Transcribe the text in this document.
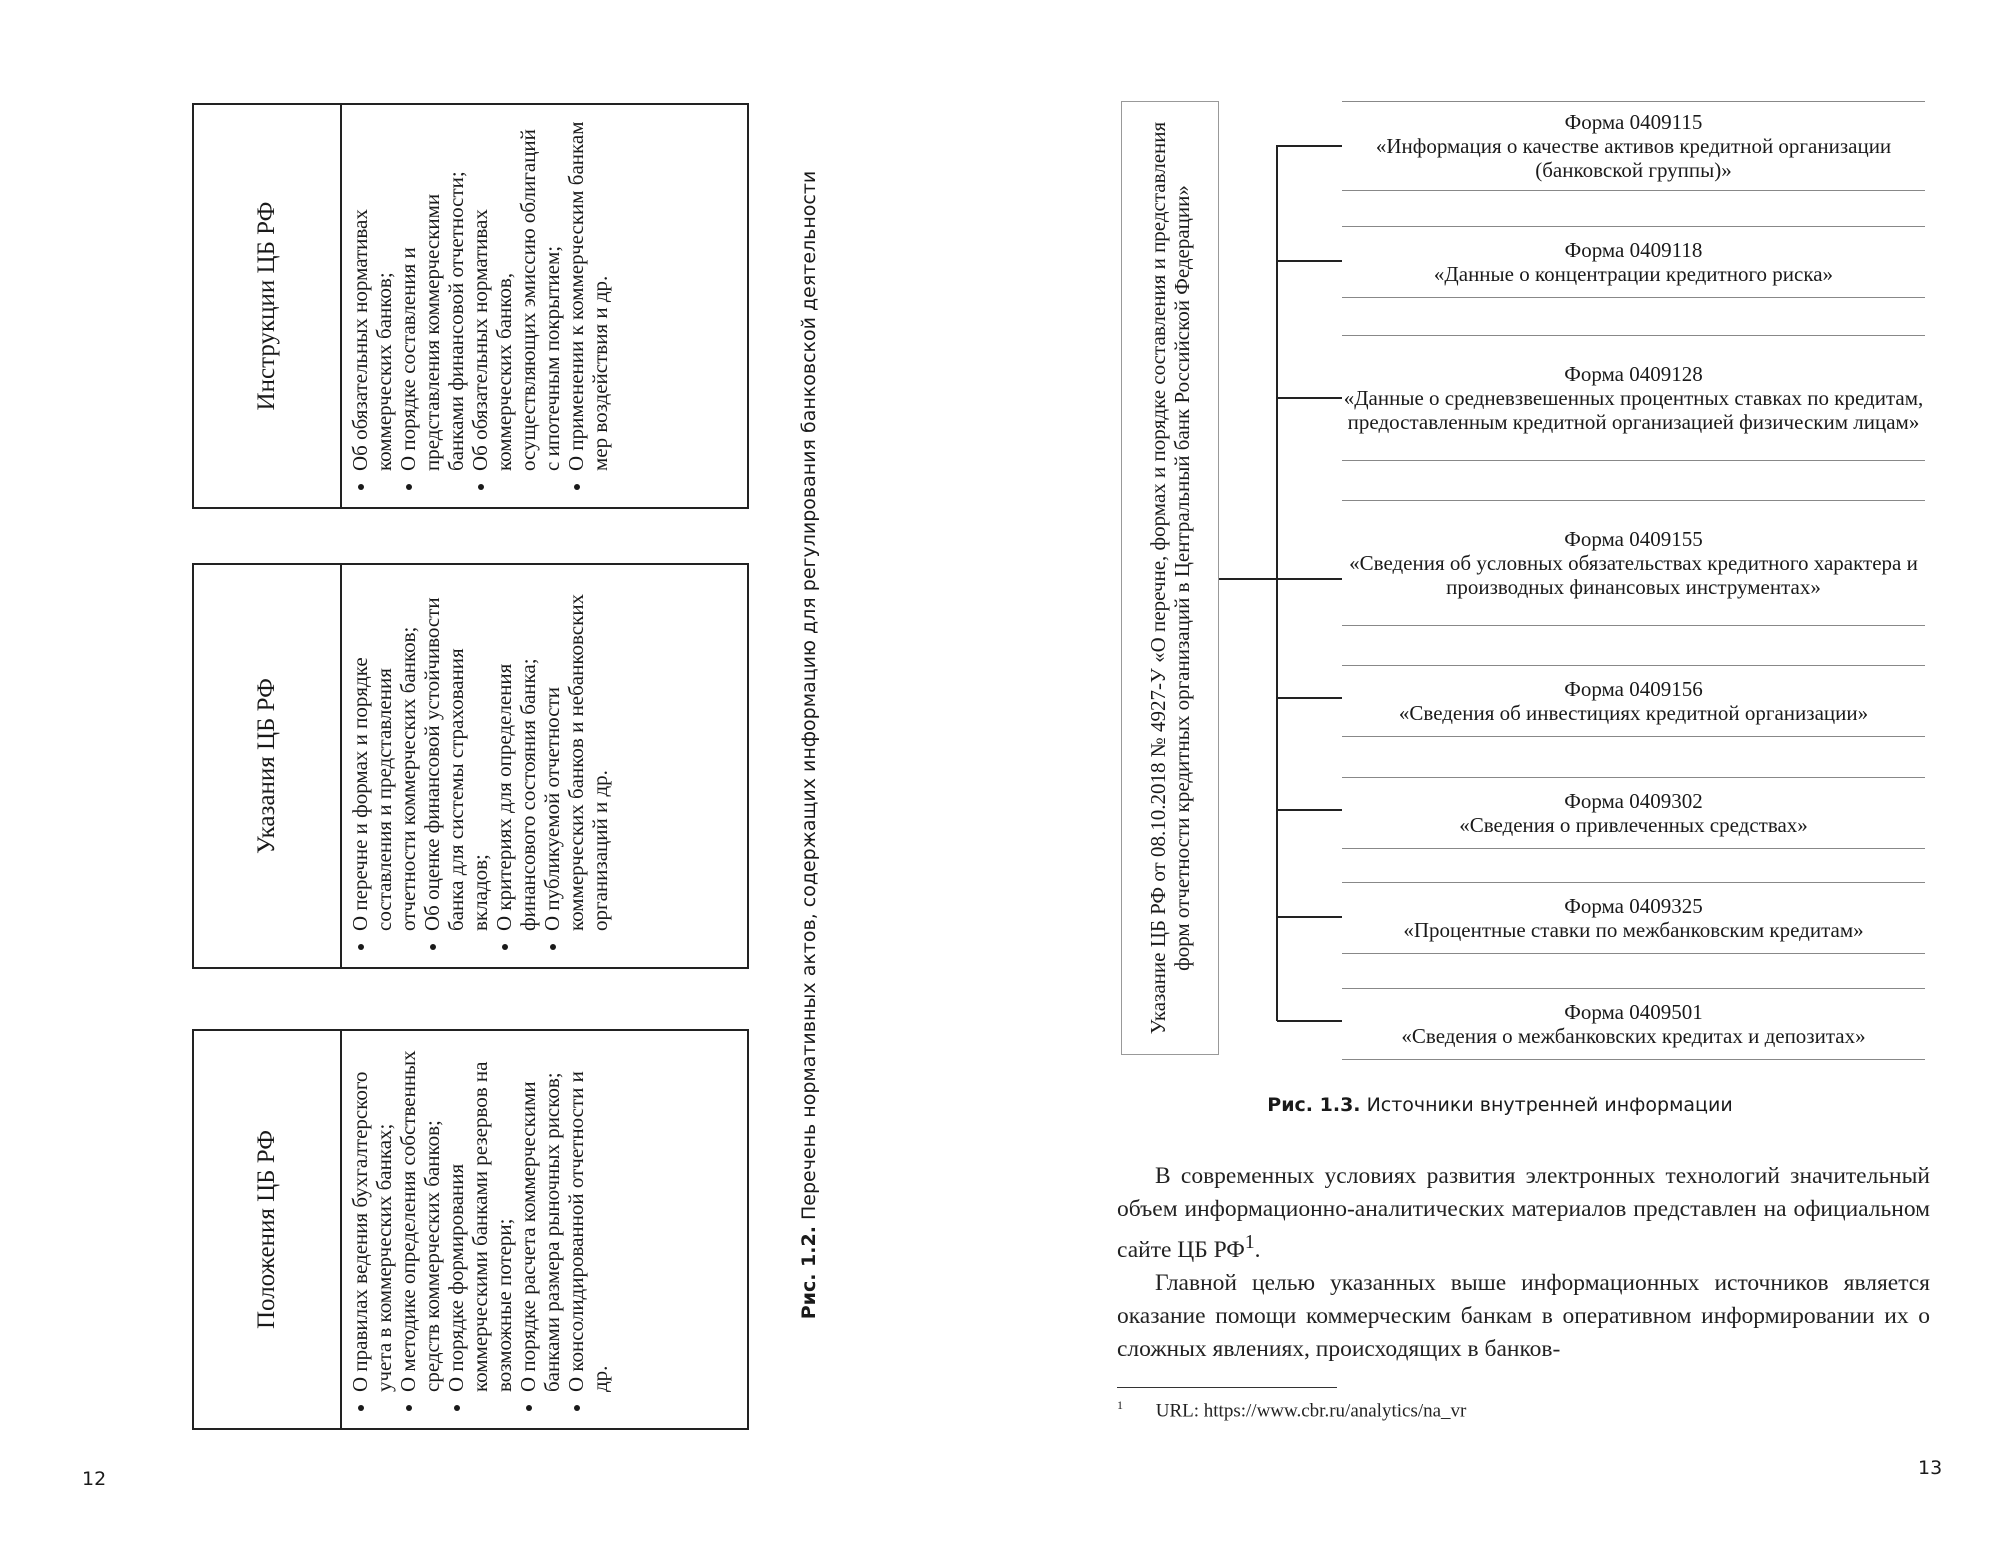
Положения ЦБ РФ	• О правилах ведения бухгалтерского учета в коммерческих банках; • О методике определения собственных средств коммерческих банков; • О порядке формирования коммерческими банками резервов на возможные потери; • О порядке расчета коммерческими банками размера рыночных рисков; • О консолидированной отчетности и др.
Указания ЦБ РФ	• О перечне и формах и порядке составления и представления отчетности коммерческих банков; • Об оценке финансовой устойчивости банка для системы страхования вкладов; • О критериях для определения финансового состояния банка; • О публикуемой отчетности коммерческих банков и небанковских организаций и др.
Инструкции ЦБ РФ	• Об обязательных нормативах коммерческих банков; • О порядке составления и представления коммерческими банками финансовой отчетности; • Об обязательных нормативах коммерческих банков, осуществляющих эмиссию облигаций с ипотечным покрытием; • О применении к коммерческим банкам мер воздействия и др.
Рис. 1.2. Перечень нормативных актов, содержащих информацию для регулирования банковской деятельности
12
Указание ЦБ РФ от 08.10.2018 № 4927-У «О перечне, формах и порядке составления и представления форм отчетности кредитных организаций в Центральный банк Российской Федерации»
Форма 0409115
«Информация о качестве активов кредитной организации (банковской группы)»
Форма 0409118
«Данные о концентрации кредитного риска»
Форма 0409128
«Данные о средневзвешенных процентных ставках по кредитам, предоставленным кредитной организацией физическим лицам»
Форма 0409155
«Сведения об условных обязательствах кредитного характера и производных финансовых инструментах»
Форма 0409156
«Сведения об инвестициях кредитной организации»
Форма 0409302
«Сведения о привлеченных средствах»
Форма 0409325
«Процентные ставки по межбанковским кредитам»
Форма 0409501
«Сведения о межбанковских кредитах и депозитах»
Рис. 1.3. Источники внутренней информации

В современных условиях развития электронных технологий значительный объем информационно-аналитических материалов представлен на официальном сайте ЦБ $РФ^1$.

Главной целью указанных выше информационных источников является оказание помощи коммерческим банкам в оперативном информировании их о сложных явлениях, происходящих в банков-

$^1$ URL: https://www.cbr.ru/analytics/na_vr
13
